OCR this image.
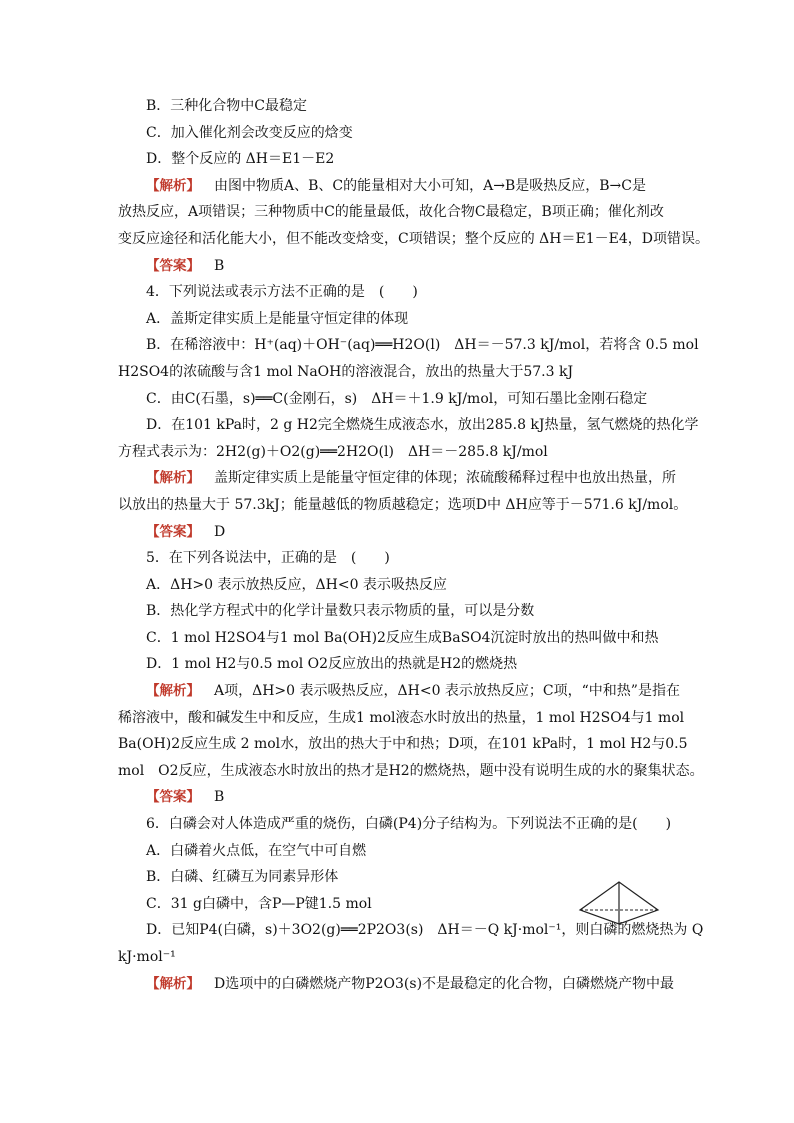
B．三种化合物中C最稳定
C．加入催化剂会改变反应的焓变
D．整个反应的 ΔH＝E1－E2
【解析】 由图中物质A、B、C的能量相对大小可知，A→B是吸热反应，B→C是
放热反应，A项错误；三种物质中C的能量最低，故化合物C最稳定，B项正确；催化剂改
变反应途径和活化能大小，但不能改变焓变，C项错误；整个反应的 ΔH＝E1－E4，D项错误。
【答案】 B
4．下列说法或表示方法不正确的是　(　　)
A．盖斯定律实质上是能量守恒定律的体现
B．在稀溶液中：H⁺(aq)＋OH⁻(aq)══H2O(l)　ΔH＝－57.3 kJ/mol，若将含 0.5 mol
H2SO4的浓硫酸与含1 mol NaOH的溶液混合，放出的热量大于57.3 kJ
C．由C(石墨，s)══C(金刚石，s)　ΔH＝＋1.9 kJ/mol，可知石墨比金刚石稳定
D．在101 kPa时，2 g H2完全燃烧生成液态水，放出285.8 kJ热量，氢气燃烧的热化学
方程式表示为：2H2(g)＋O2(g)══2H2O(l)　ΔH＝－285.8 kJ/mol
【解析】 盖斯定律实质上是能量守恒定律的体现；浓硫酸稀释过程中也放出热量，所
以放出的热量大于 57.3kJ；能量越低的物质越稳定；选项D中 ΔH应等于－571.6 kJ/mol。
【答案】 D
5．在下列各说法中，正确的是　(　　)
A．ΔH>0 表示放热反应，ΔH<0 表示吸热反应
B．热化学方程式中的化学计量数只表示物质的量，可以是分数
C．1 mol H2SO4与1 mol Ba(OH)2反应生成BaSO4沉淀时放出的热叫做中和热
D．1 mol H2与0.5 mol O2反应放出的热就是H2的燃烧热
【解析】 A项，ΔH>0 表示吸热反应，ΔH<0 表示放热反应；C项，“中和热”是指在
稀溶液中，酸和碱发生中和反应，生成1 mol液态水时放出的热量，1 mol H2SO4与1 mol
Ba(OH)2反应生成 2 mol水，放出的热大于中和热；D项，在101 kPa时，1 mol H2与0.5
mol　O2反应，生成液态水时放出的热才是H2的燃烧热，题中没有说明生成的水的聚集状态。
【答案】 B
6．白磷会对人体造成严重的烧伤，白磷(P4)分子结构为。下列说法不正确的是(　　)
A．白磷着火点低，在空气中可自燃
B．白磷、红磷互为同素异形体
C．31 g白磷中，含P—P键1.5 mol
D．已知P4(白磷，s)＋3O2(g)══2P2O3(s)　ΔH＝－Q kJ·mol⁻¹，则白磷的燃烧热为 Q
kJ·mol⁻¹
【解析】 D选项中的白磷燃烧产物P2O3(s)不是最稳定的化合物，白磷燃烧产物中最
